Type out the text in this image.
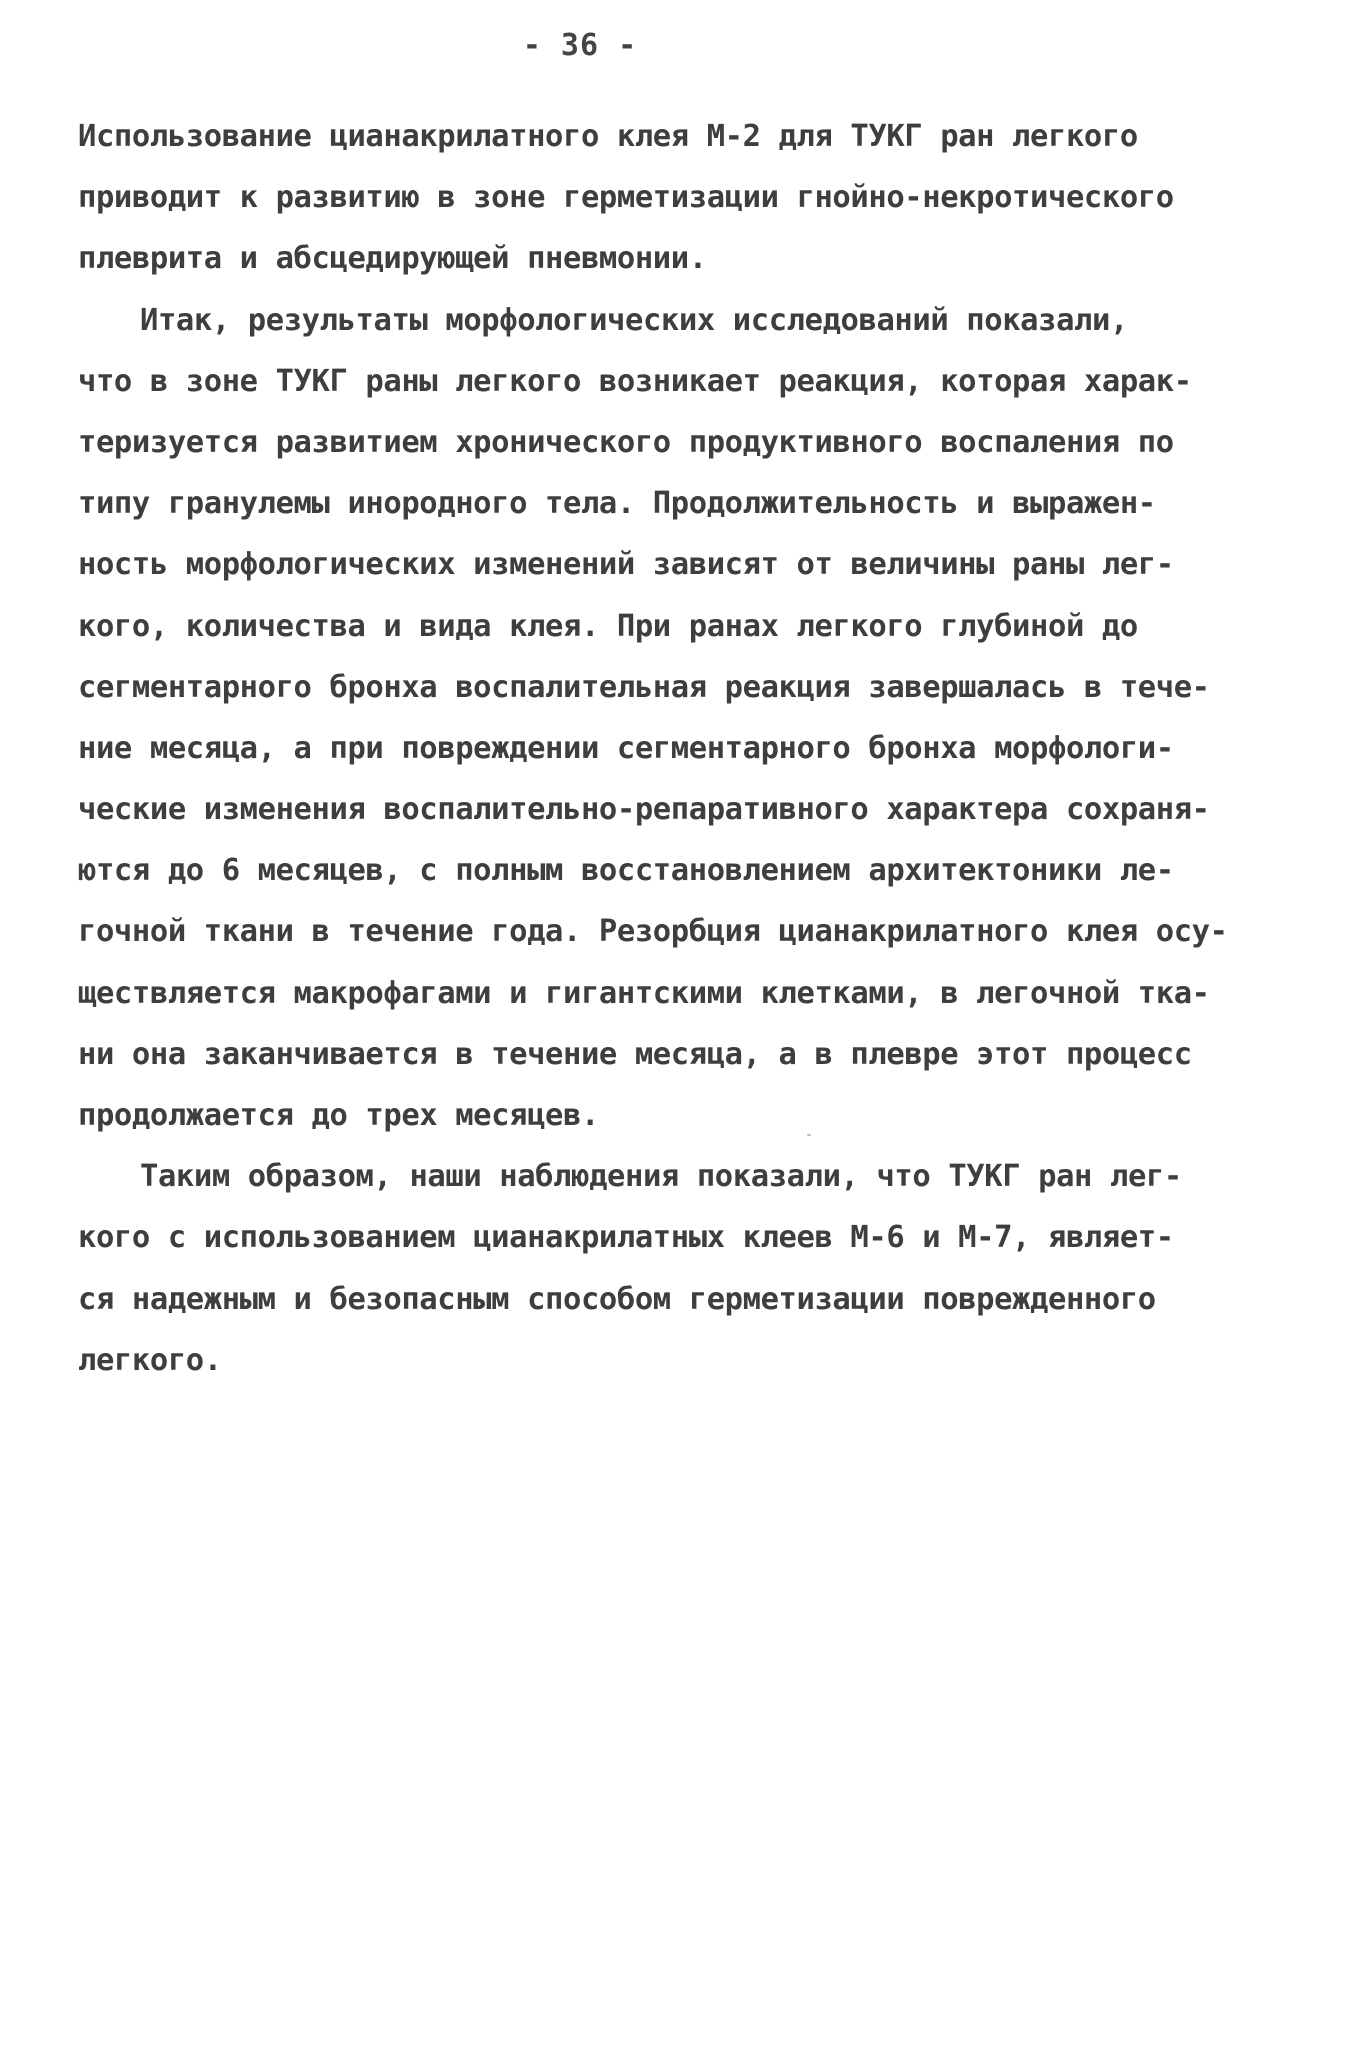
- 36 -
Использование цианакрилатного клея М-2 для ТУКГ ран легкого
приводит к развитию в зоне герметизации гнойно-некротического
плеврита и абсцедирующей пневмонии.
Итак, результаты морфологических исследований показали,
что в зоне ТУКГ раны легкого возникает реакция, которая харак-
теризуется развитием хронического продуктивного воспаления по
типу гранулемы инородного тела. Продолжительность и выражен-
ность морфологических изменений зависят от величины раны лег-
кого, количества и вида клея. При ранах легкого глубиной до
сегментарного бронха воспалительная реакция завершалась в тече-
ние месяца, а при повреждении сегментарного бронха морфологи-
ческие изменения воспалительно-репаративного характера сохраня-
ются до 6 месяцев, с полным восстановлением архитектоники ле-
гочной ткани в течение года. Резорбция цианакрилатного клея осу-
ществляется макрофагами и гигантскими клетками, в легочной тка-
ни она заканчивается в течение месяца, а в плевре этот процесс
продолжается до трех месяцев.
Таким образом, наши наблюдения показали, что ТУКГ ран лег-
кого с использованием цианакрилатных клеев М-6 и М-7, являет-
ся надежным и безопасным способом герметизации поврежденного
легкого.
